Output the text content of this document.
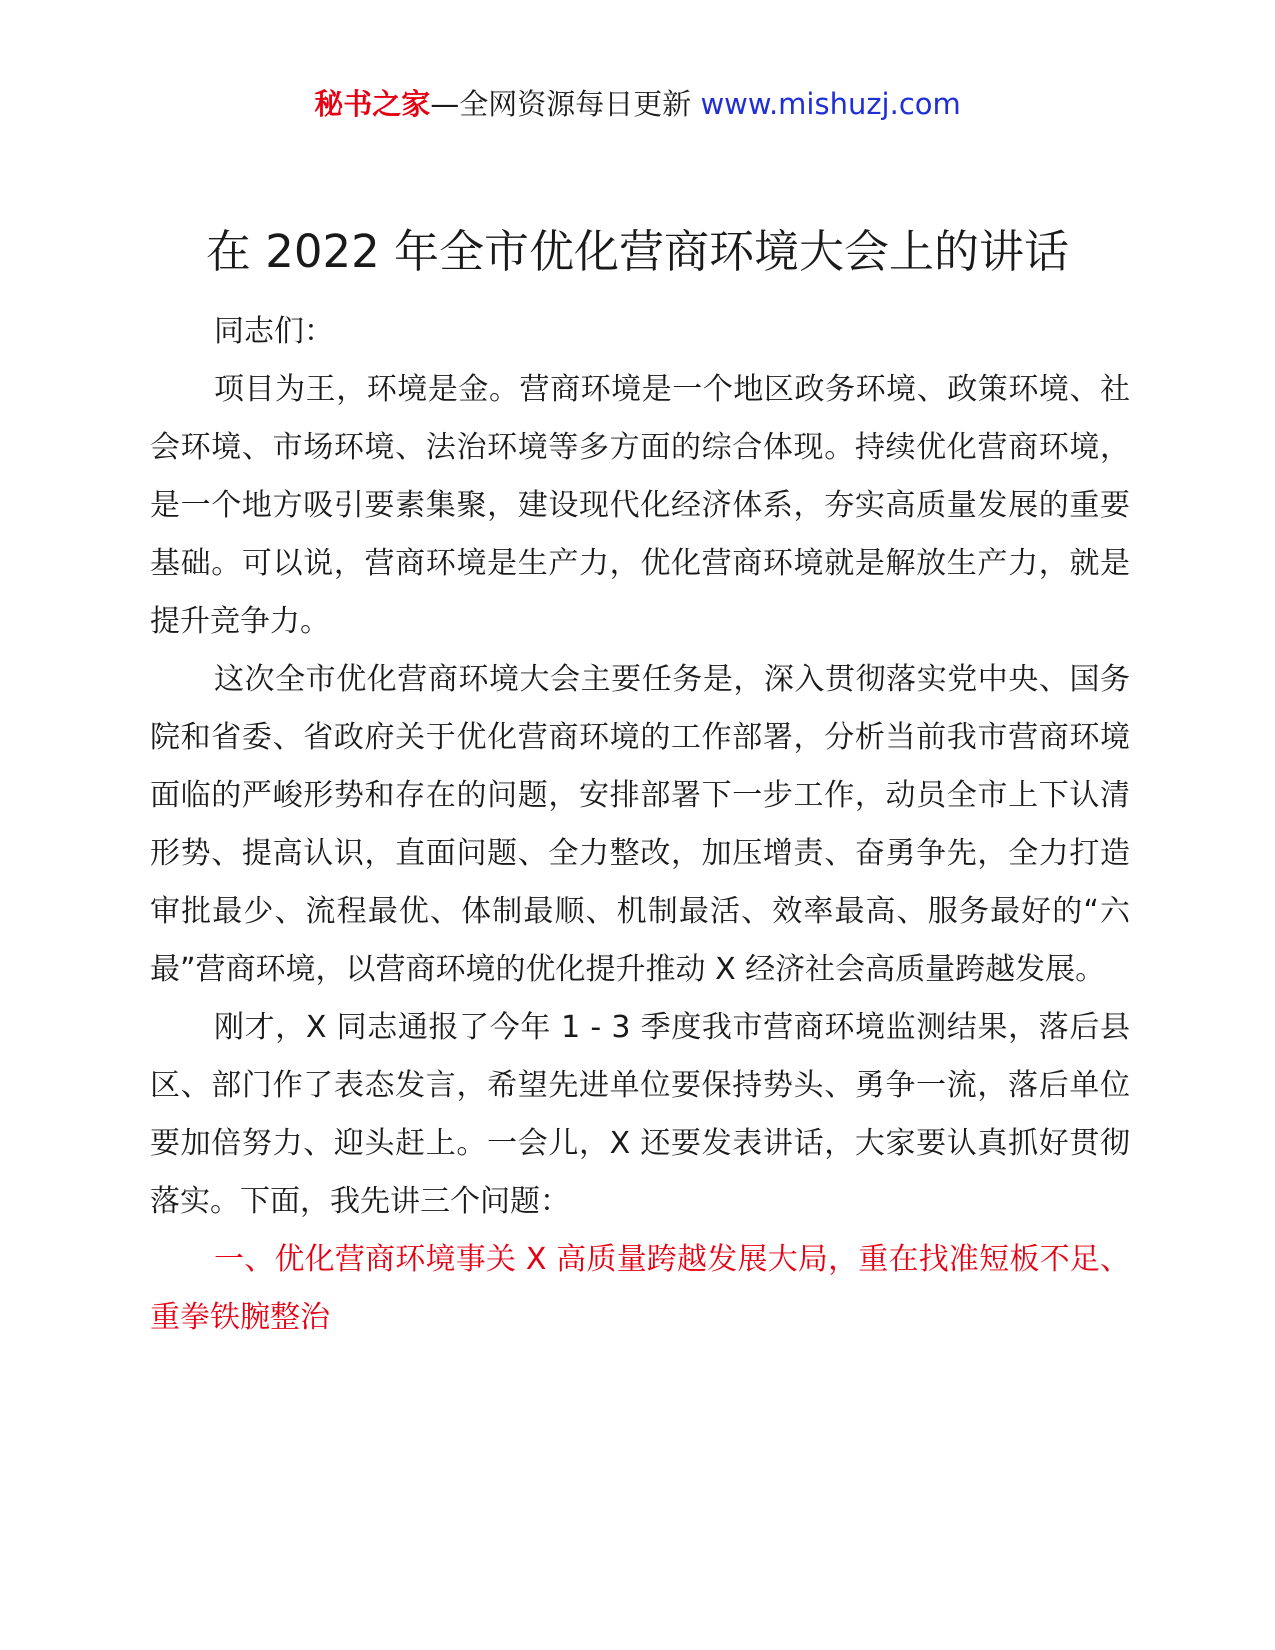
秘书之家—全网资源每日更新 www.mishuzj.com
在 2022 年全市优化营商环境大会上的讲话

同志们：

项目为王，环境是金。营商环境是一个地区政务环境、政策环境、社会环境、市场环境、法治环境等多方面的综合体现。持续优化营商环境，是一个地方吸引要素集聚，建设现代化经济体系，夯实高质量发展的重要基础。可以说，营商环境是生产力，优化营商环境就是解放生产力，就是提升竞争力。

这次全市优化营商环境大会主要任务是，深入贯彻落实党中央、国务院和省委、省政府关于优化营商环境的工作部署，分析当前我市营商环境面临的严峻形势和存在的问题，安排部署下一步工作，动员全市上下认清形势、提高认识，直面问题、全力整改，加压增责、奋勇争先，全力打造审批最少、流程最优、体制最顺、机制最活、效率最高、服务最好的“六最”营商环境，以营商环境的优化提升推动 X 经济社会高质量跨越发展。

刚才，X 同志通报了今年 1 - 3 季度我市营商环境监测结果，落后县区、部门作了表态发言，希望先进单位要保持势头、勇争一流，落后单位要加倍努力、迎头赶上。一会儿，X 还要发表讲话，大家要认真抓好贯彻落实。下面，我先讲三个问题：

一、优化营商环境事关 X 高质量跨越发展大局，重在找准短板不足、重拳铁腕整治
